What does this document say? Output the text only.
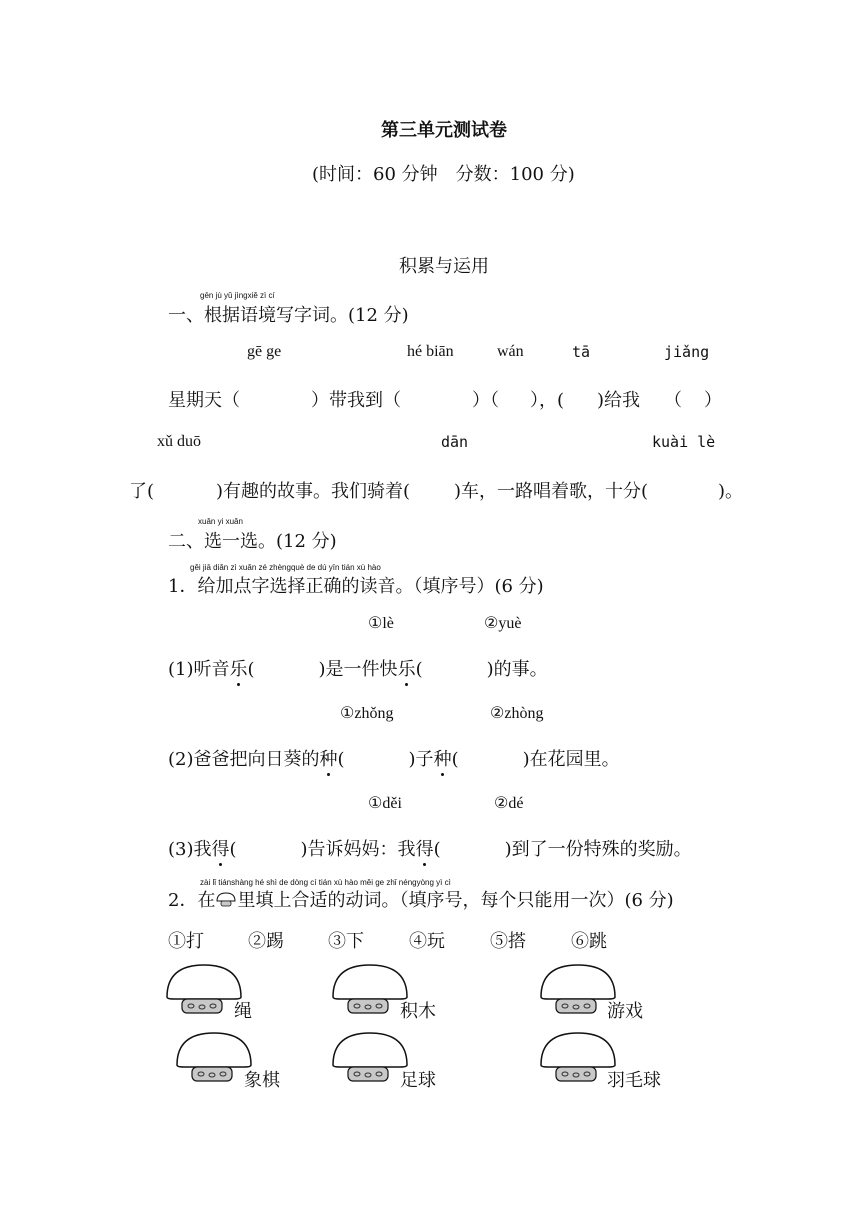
第三单元测试卷
(时间：60 分钟　分数：100 分)
积累与运用
gēn jù yǔ jìngxiě zì cí
一、根据语境写字词。(12 分)
gē ge	hé biān	wán	tā	jiǎng
星期天（	）带我到（	）（ ），( )给我 （ ）
xǔ duō	dān	kuài lè
了(	)有趣的故事。我们骑着( )车，一路唱着歌，十分(	)。
xuǎn yi xuǎn
二、选一选。(12 分)
gěi jiā diǎn zì xuǎn zé zhèngquè de dú yīn tián xù hào
1．给加点字选择正确的读音。（填序号）(6 分)
①lè	②yuè
(1)听音乐(	)是一件快乐(	)的事。
①zhǒng	②zhòng
(2)爸爸把向日葵的种(	)子种(	)在花园里。
①děi	②dé
(3)我得(	)告诉妈妈：我得(	)到了一份特殊的奖励。
zài lǐ tiánshàng hé shì de dòng cí tián xù hào měi ge zhǐ néngyòng yì cì
2．在 里填上合适的动词。（填序号，每个只能用一次）(6 分)
①打 ②踢 ③下	④玩	⑤搭	⑥跳
绳	积木	游戏
象棋	足球	羽毛球
